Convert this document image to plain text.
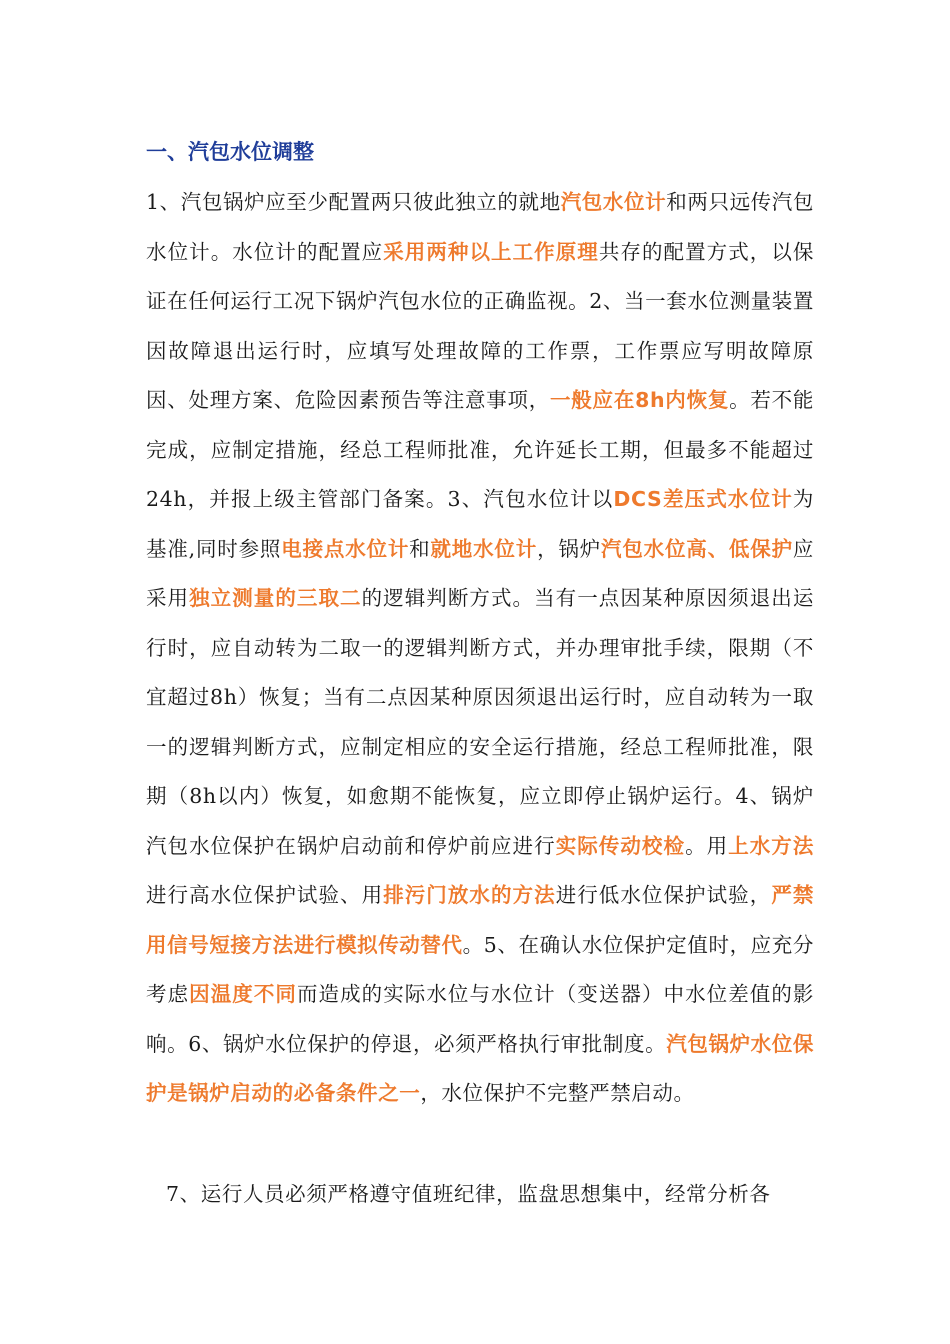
一、汽包水位调整

1、汽包锅炉应至少配置两只彼此独立的就地汽包水位计和两只远传汽包水位计。水位计的配置应采用两种以上工作原理共存的配置方式，以保证在任何运行工况下锅炉汽包水位的正确监视。2、当一套水位测量装置因故障退出运行时，应填写处理故障的工作票，工作票应写明故障原因、处理方案、危险因素预告等注意事项，一般应在8h内恢复。若不能完成，应制定措施，经总工程师批准，允许延长工期，但最多不能超过24h，并报上级主管部门备案。3、汽包水位计以DCS差压式水位计为基准,同时参照电接点水位计和就地水位计，锅炉汽包水位高、低保护应采用独立测量的三取二的逻辑判断方式。当有一点因某种原因须退出运行时，应自动转为二取一的逻辑判断方式，并办理审批手续，限期（不宜超过8h）恢复；当有二点因某种原因须退出运行时，应自动转为一取一的逻辑判断方式，应制定相应的安全运行措施，经总工程师批准，限期（8h以内）恢复，如愈期不能恢复，应立即停止锅炉运行。4、锅炉汽包水位保护在锅炉启动前和停炉前应进行实际传动校检。用上水方法进行高水位保护试验、用排污门放水的方法进行低水位保护试验，严禁用信号短接方法进行模拟传动替代。5、在确认水位保护定值时，应充分考虑因温度不同而造成的实际水位与水位计（变送器）中水位差值的影响。6、锅炉水位保护的停退，必须严格执行审批制度。汽包锅炉水位保护是锅炉启动的必备条件之一，水位保护不完整严禁启动。

7、运行人员必须严格遵守值班纪律，监盘思想集中，经常分析各
